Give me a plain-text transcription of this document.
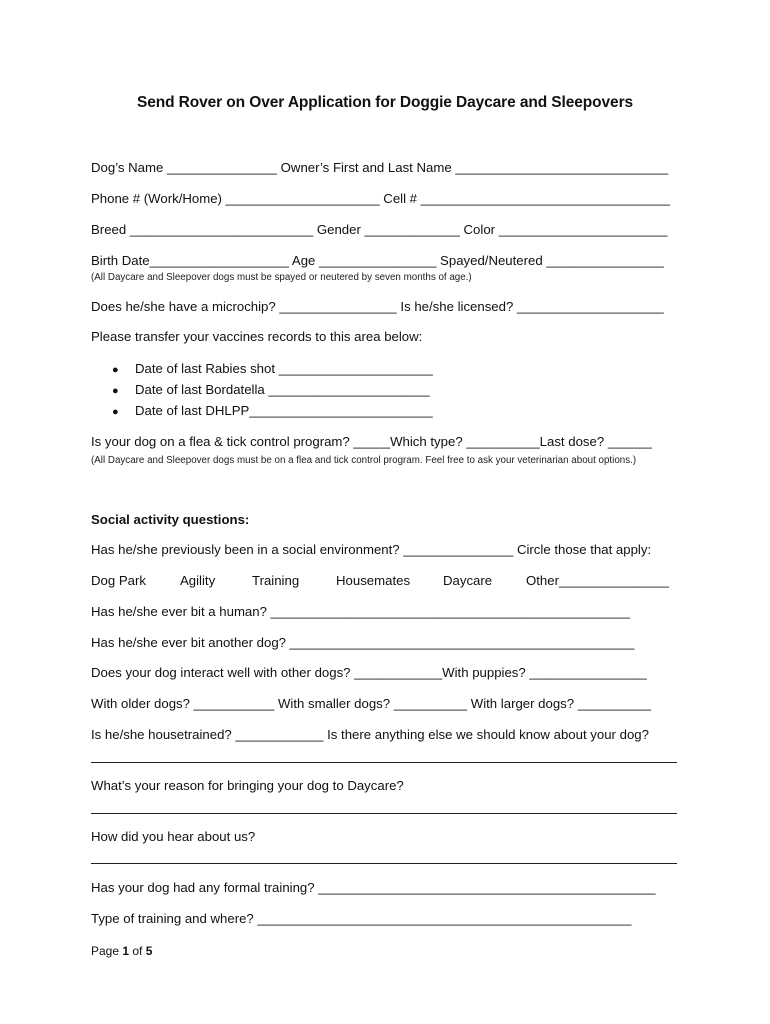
Send Rover on Over Application for Doggie Daycare and Sleepovers
Dog’s Name _______________ Owner’s First and Last Name _____________________________
Phone # (Work/Home) _____________________ Cell # __________________________________
Breed _________________________ Gender _____________ Color _______________________
Birth Date___________________ Age ________________ Spayed/Neutered ________________
(All Daycare and Sleepover dogs must be spayed or neutered by seven months of age.)
Does he/she have a microchip? ________________ Is he/she licensed? ____________________
Please transfer your vaccines records to this area below:
● Date of last Rabies shot _____________________
● Date of last Bordatella ______________________
● Date of last DHLPP_________________________
Is your dog on a flea & tick control program? _____Which type? __________Last dose? ______
(All Daycare and Sleepover dogs must be on a flea and tick control program. Feel free to ask your veterinarian about options.)
Social activity questions:
Has he/she previously been in a social environment? _______________ Circle those that apply:
Dog Park	Agility	Training	Housemates Daycare	Other_______________
Has he/she ever bit a human? _________________________________________________
Has he/she ever bit another dog? _______________________________________________
Does your dog interact well with other dogs? ____________With puppies? ________________
With older dogs? ___________ With smaller dogs? __________ With larger dogs? __________
Is he/she housetrained? ____________ Is there anything else we should know about your dog?
What’s your reason for bringing your dog to Daycare?
How did you hear about us?
Has your dog had any formal training? ______________________________________________
Type of training and where? ___________________________________________________
Page 1 of 5
